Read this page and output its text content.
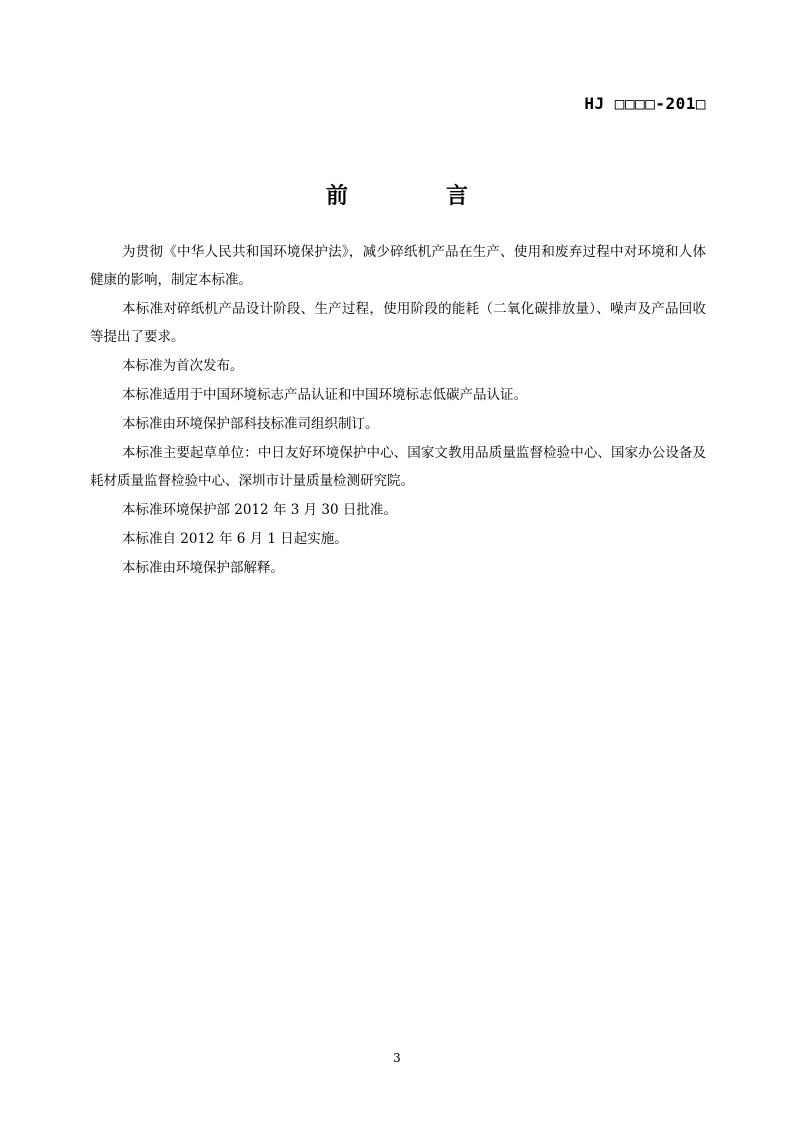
HJ □□□□-201□
前　言

为贯彻《中华人民共和国环境保护法》，减少碎纸机产品在生产、使用和废弃过程中对环境和人体健康的影响，制定本标准。

本标准对碎纸机产品设计阶段、生产过程，使用阶段的能耗（二氧化碳排放量）、噪声及产品回收等提出了要求。

本标准为首次发布。

本标准适用于中国环境标志产品认证和中国环境标志低碳产品认证。

本标准由环境保护部科技标准司组织制订。

本标准主要起草单位：中日友好环境保护中心、国家文教用品质量监督检验中心、国家办公设备及耗材质量监督检验中心、深圳市计量质量检测研究院。

本标准环境保护部 2012 年 3 月 30 日批准。

本标准自 2012 年 6 月 1 日起实施。

本标准由环境保护部解释。

3
